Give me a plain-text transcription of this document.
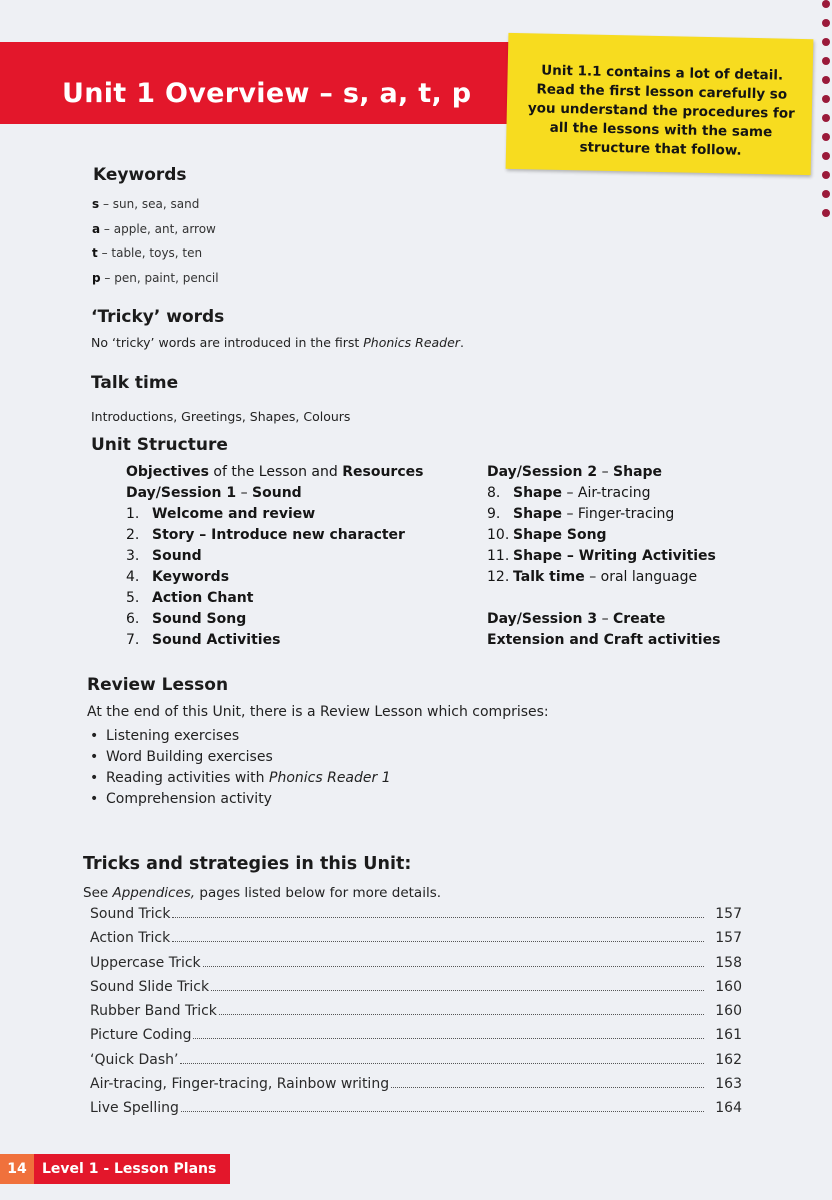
Unit 1 Overview – s, a, t, p

Unit 1.1 contains a lot of detail. Read the first lesson carefully so you understand the procedures for all the lessons with the same structure that follow.

Keywords
s – sun, sea, sand
a – apple, ant, arrow
t – table, toys, ten
p – pen, paint, pencil
‘Tricky’ words
No ‘tricky’ words are introduced in the first Phonics Reader.
Talk time
Introductions, Greetings, Shapes, Colours
Unit Structure
Objectives of the Lesson and Resources
Day/Session 1 – Sound
1. Welcome and review
2. Story – Introduce new character
3. Sound
4. Keywords
5. Action Chant
6. Sound Song
7. Sound Activities
Day/Session 2 – Shape
8. Shape – Air-tracing
9. Shape – Finger-tracing
10. Shape Song
11. Shape – Writing Activities
12. Talk time – oral language
Day/Session 3 – Create
Extension and Craft activities
Review Lesson
At the end of this Unit, there is a Review Lesson which comprises:
• Listening exercises
• Word Building exercises
• Reading activities with Phonics Reader 1
• Comprehension activity
Tricks and strategies in this Unit:
See Appendices, pages listed below for more details.
Sound Trick	157
Action Trick	157
Uppercase Trick	158
Sound Slide Trick	160
Rubber Band Trick	160
Picture Coding	161
‘Quick Dash’	162
Air-tracing, Finger-tracing, Rainbow writing	163
Live Spelling	164
14	Level 1 - Lesson Plans
